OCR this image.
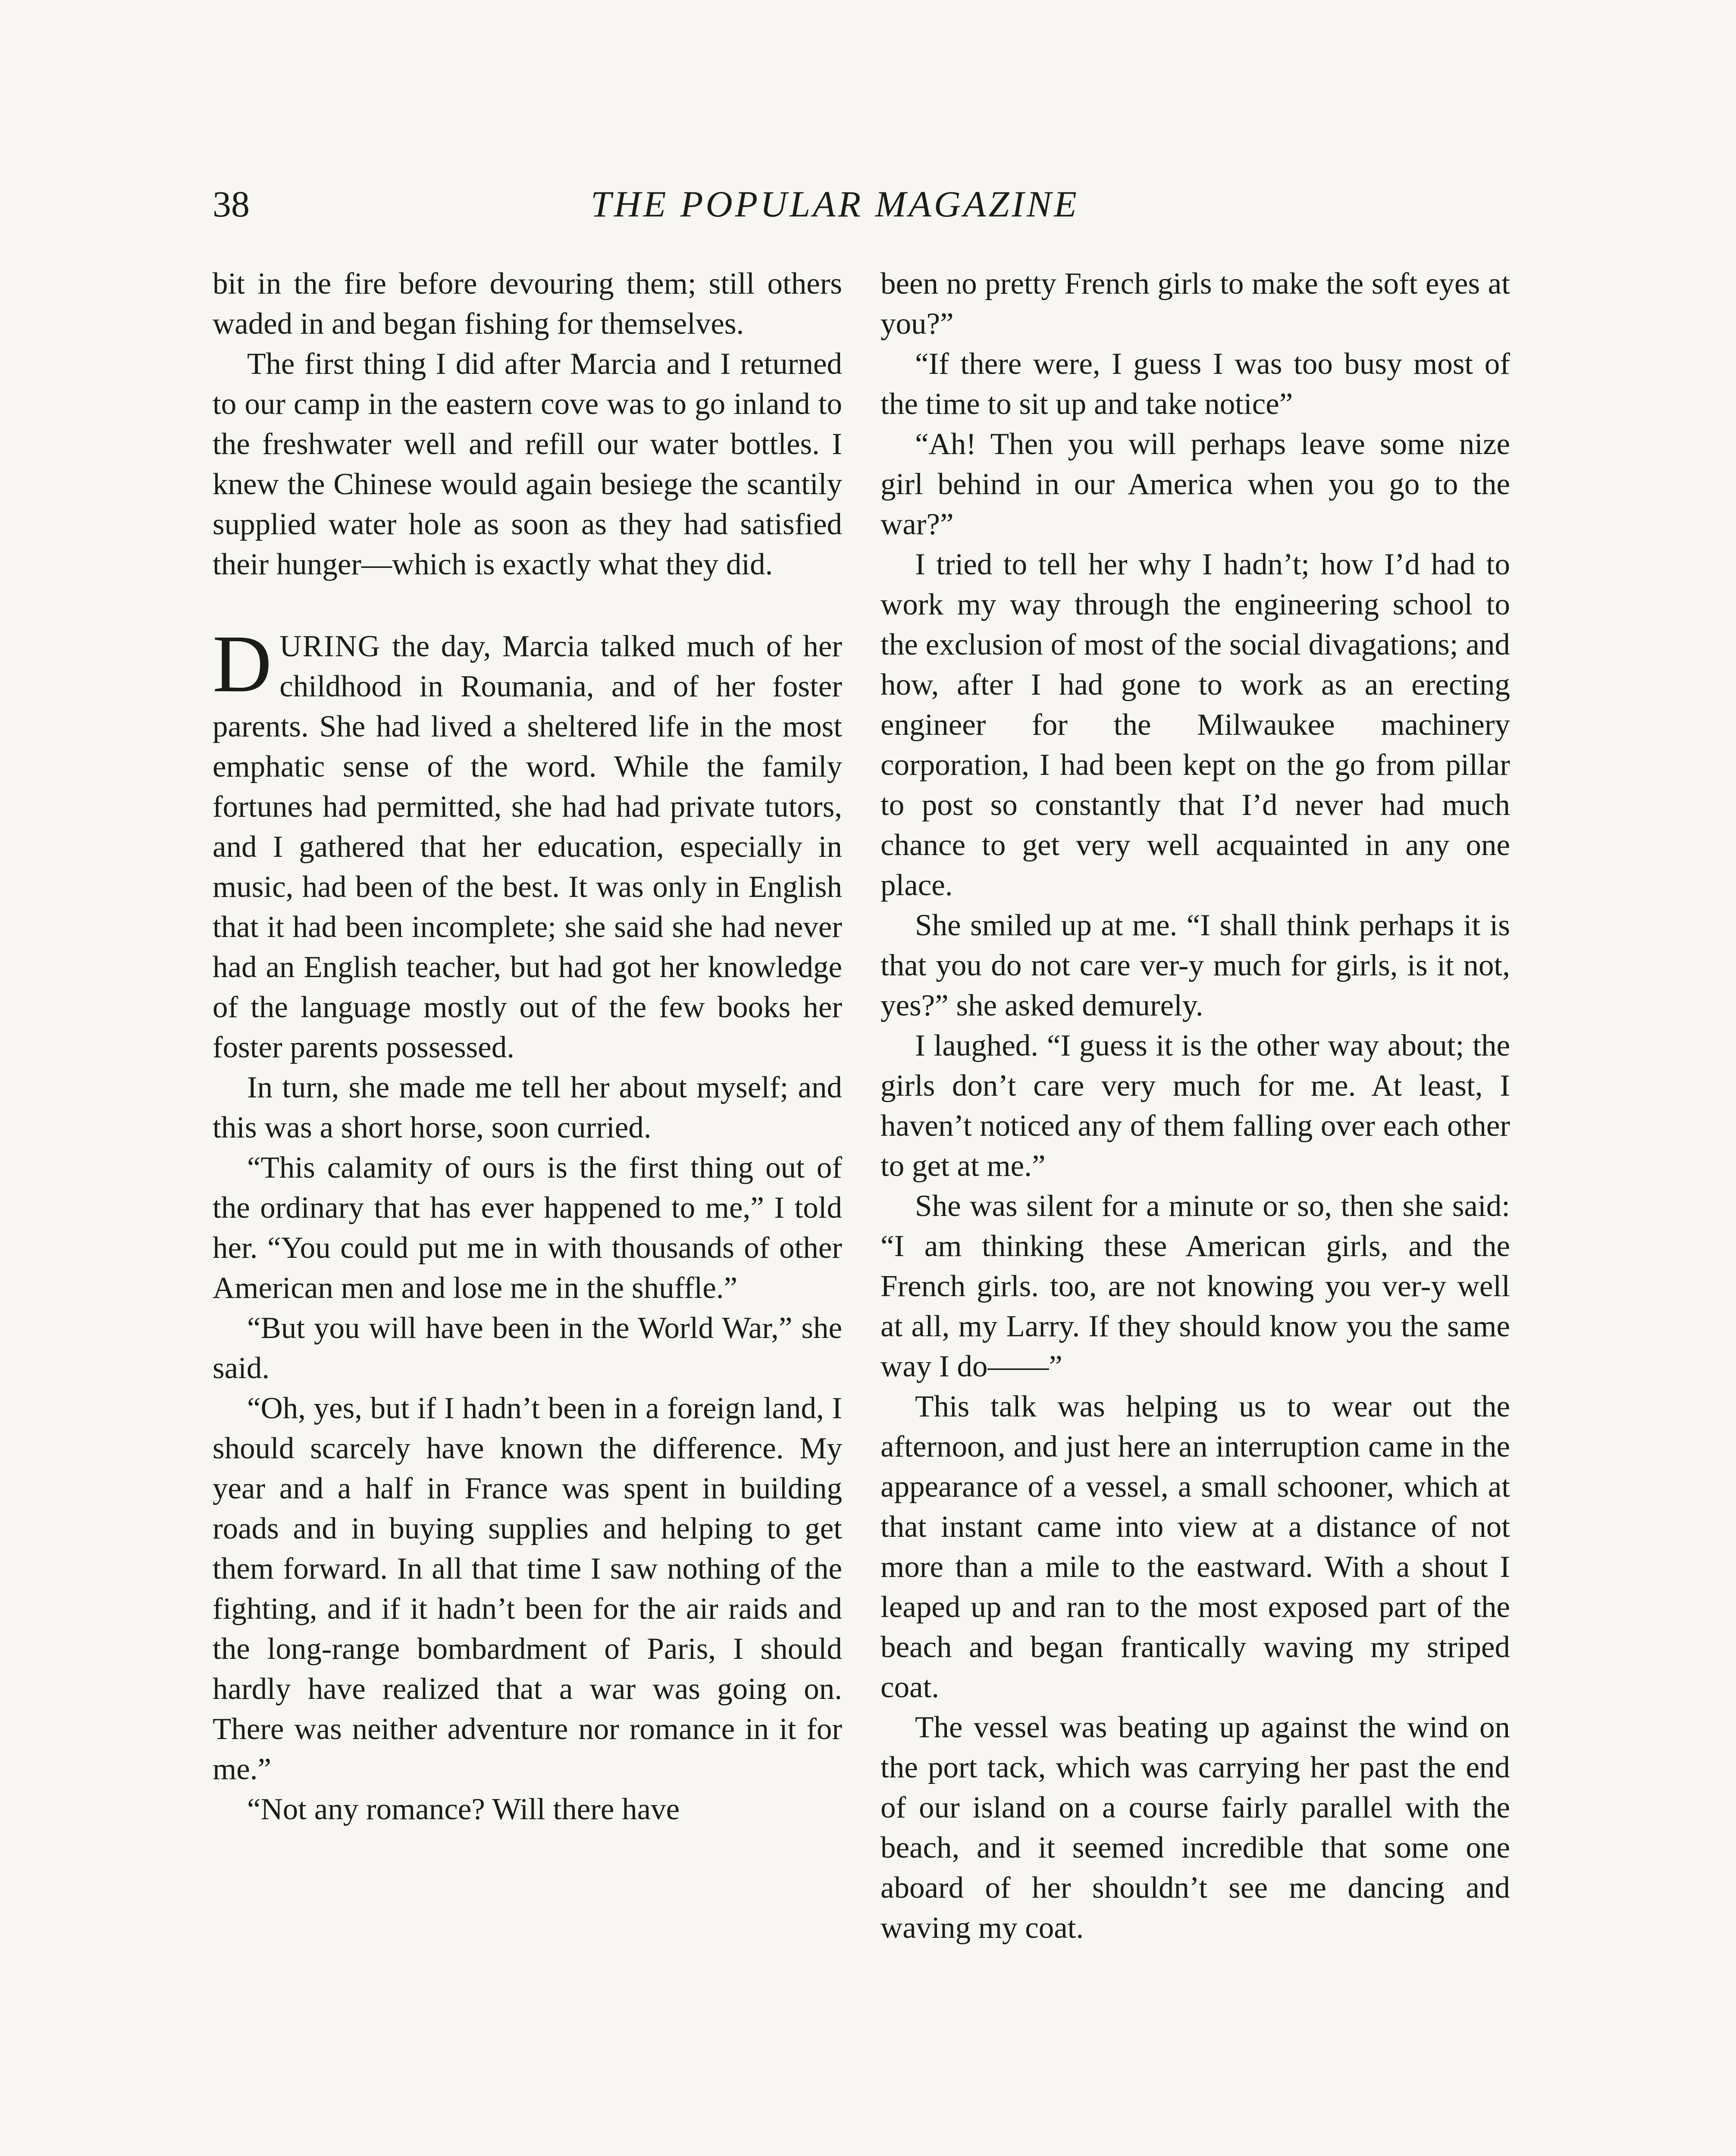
38	THE POPULAR MAGAZINE

bit in the fire before devouring them; still others waded in and began fishing for themselves.

The first thing I did after Marcia and I returned to our camp in the eastern cove was to go inland to the freshwater well and refill our water bottles. I knew the Chinese would again besiege the scantily supplied water hole as soon as they had satisfied their hunger—which is exactly what they did.

DURING the day, Marcia talked much of her childhood in Roumania, and of her foster parents. She had lived a sheltered life in the most emphatic sense of the word. While the family fortunes had permitted, she had had private tutors, and I gathered that her education, especially in music, had been of the best. It was only in English that it had been incomplete; she said she had never had an English teacher, but had got her knowledge of the language mostly out of the few books her foster parents possessed.

In turn, she made me tell her about myself; and this was a short horse, soon curried.

“This calamity of ours is the first thing out of the ordinary that has ever happened to me,” I told her. “You could put me in with thousands of other American men and lose me in the shuffle.”

“But you will have been in the World War,” she said.

“Oh, yes, but if I hadn’t been in a foreign land, I should scarcely have known the difference. My year and a half in France was spent in building roads and in buying supplies and helping to get them forward. In all that time I saw nothing of the fighting, and if it hadn’t been for the air raids and the long-range bombardment of Paris, I should hardly have realized that a war was going on. There was neither adventure nor romance in it for me.”

“Not any romance? Will there have

been no pretty French girls to make the soft eyes at you?”

“If there were, I guess I was too busy most of the time to sit up and take notice”

“Ah! Then you will perhaps leave some nize girl behind in our America when you go to the war?”

I tried to tell her why I hadn’t; how I’d had to work my way through the engineering school to the exclusion of most of the social divagations; and how, after I had gone to work as an erecting engineer for the Milwaukee machinery corporation, I had been kept on the go from pillar to post so constantly that I’d never had much chance to get very well acquainted in any one place.

She smiled up at me. “I shall think perhaps it is that you do not care ver-y much for girls, is it not, yes?” she asked demurely.

I laughed. “I guess it is the other way about; the girls don’t care very much for me. At least, I haven’t noticed any of them falling over each other to get at me.”

She was silent for a minute or so, then she said: “I am thinking these American girls, and the French girls. too, are not knowing you ver-y well at all, my Larry. If they should know you the same way I do——”

This talk was helping us to wear out the afternoon, and just here an interruption came in the appearance of a vessel, a small schooner, which at that instant came into view at a distance of not more than a mile to the eastward. With a shout I leaped up and ran to the most exposed part of the beach and began frantically waving my striped coat.

The vessel was beating up against the wind on the port tack, which was carrying her past the end of our island on a course fairly parallel with the beach, and it seemed incredible that some one aboard of her shouldn’t see me dancing and waving my coat.
